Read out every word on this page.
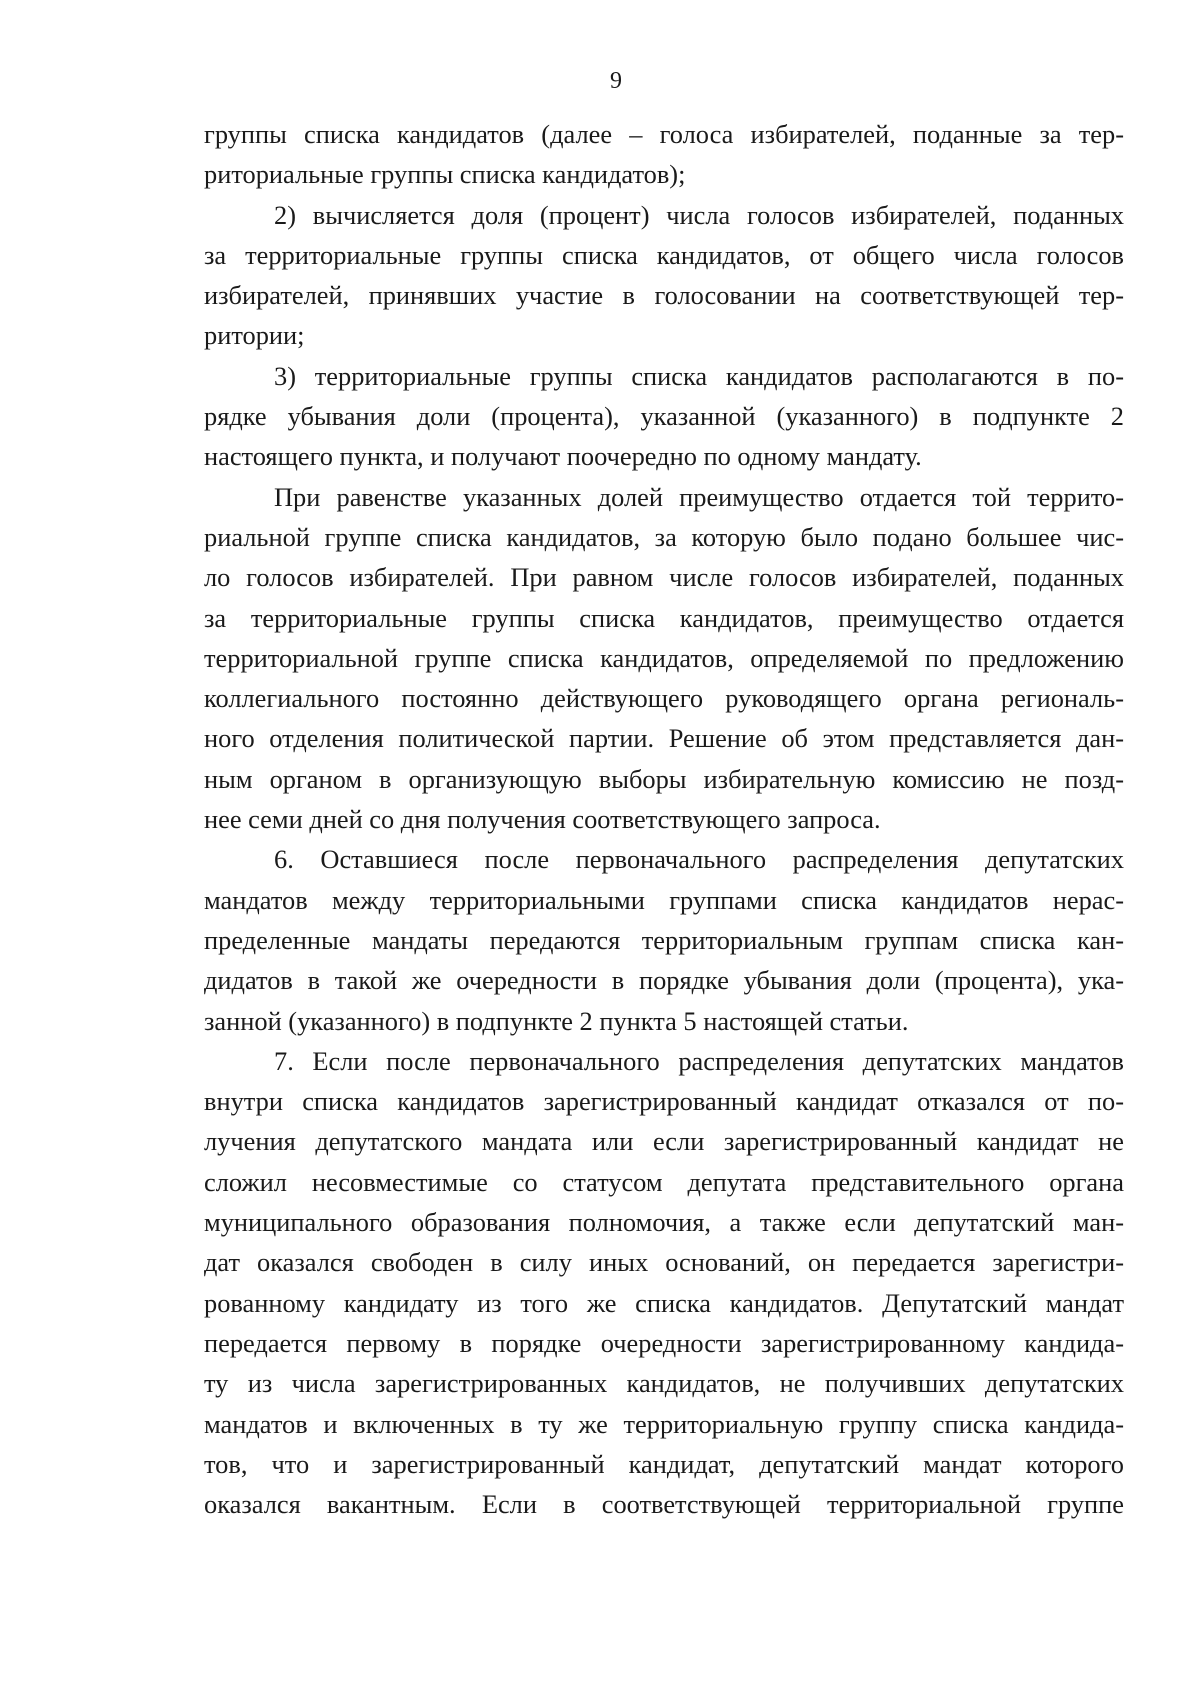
9
группы списка кандидатов (далее – голоса избирателей, поданные за тер-
риториальные группы списка кандидатов);
2) вычисляется доля (процент) числа голосов избирателей, поданных
за территориальные группы списка кандидатов, от общего числа голосов
избирателей, принявших участие в голосовании на соответствующей тер-
ритории;
3) территориальные группы списка кандидатов располагаются в по-
рядке убывания доли (процента), указанной (указанного) в подпункте 2
настоящего пункта, и получают поочередно по одному мандату.
При равенстве указанных долей преимущество отдается той террито-
риальной группе списка кандидатов, за которую было подано большее чис-
ло голосов избирателей. При равном числе голосов избирателей, поданных
за территориальные группы списка кандидатов, преимущество отдается
территориальной группе списка кандидатов, определяемой по предложению
коллегиального постоянно действующего руководящего органа региональ-
ного отделения политической партии. Решение об этом представляется дан-
ным органом в организующую выборы избирательную комиссию не позд-
нее семи дней со дня получения соответствующего запроса.
6. Оставшиеся после первоначального распределения депутатских
мандатов между территориальными группами списка кандидатов нерас-
пределенные мандаты передаются территориальным группам списка кан-
дидатов в такой же очередности в порядке убывания доли (процента), ука-
занной (указанного) в подпункте 2 пункта 5 настоящей статьи.
7. Если после первоначального распределения депутатских мандатов
внутри списка кандидатов зарегистрированный кандидат отказался от по-
лучения депутатского мандата или если зарегистрированный кандидат не
сложил несовместимые со статусом депутата представительного органа
муниципального образования полномочия, а также если депутатский ман-
дат оказался свободен в силу иных оснований, он передается зарегистри-
рованному кандидату из того же списка кандидатов. Депутатский мандат
передается первому в порядке очередности зарегистрированному кандида-
ту из числа зарегистрированных кандидатов, не получивших депутатских
мандатов и включенных в ту же территориальную группу списка кандида-
тов, что и зарегистрированный кандидат, депутатский мандат которого
оказался вакантным. Если в соответствующей территориальной группе
